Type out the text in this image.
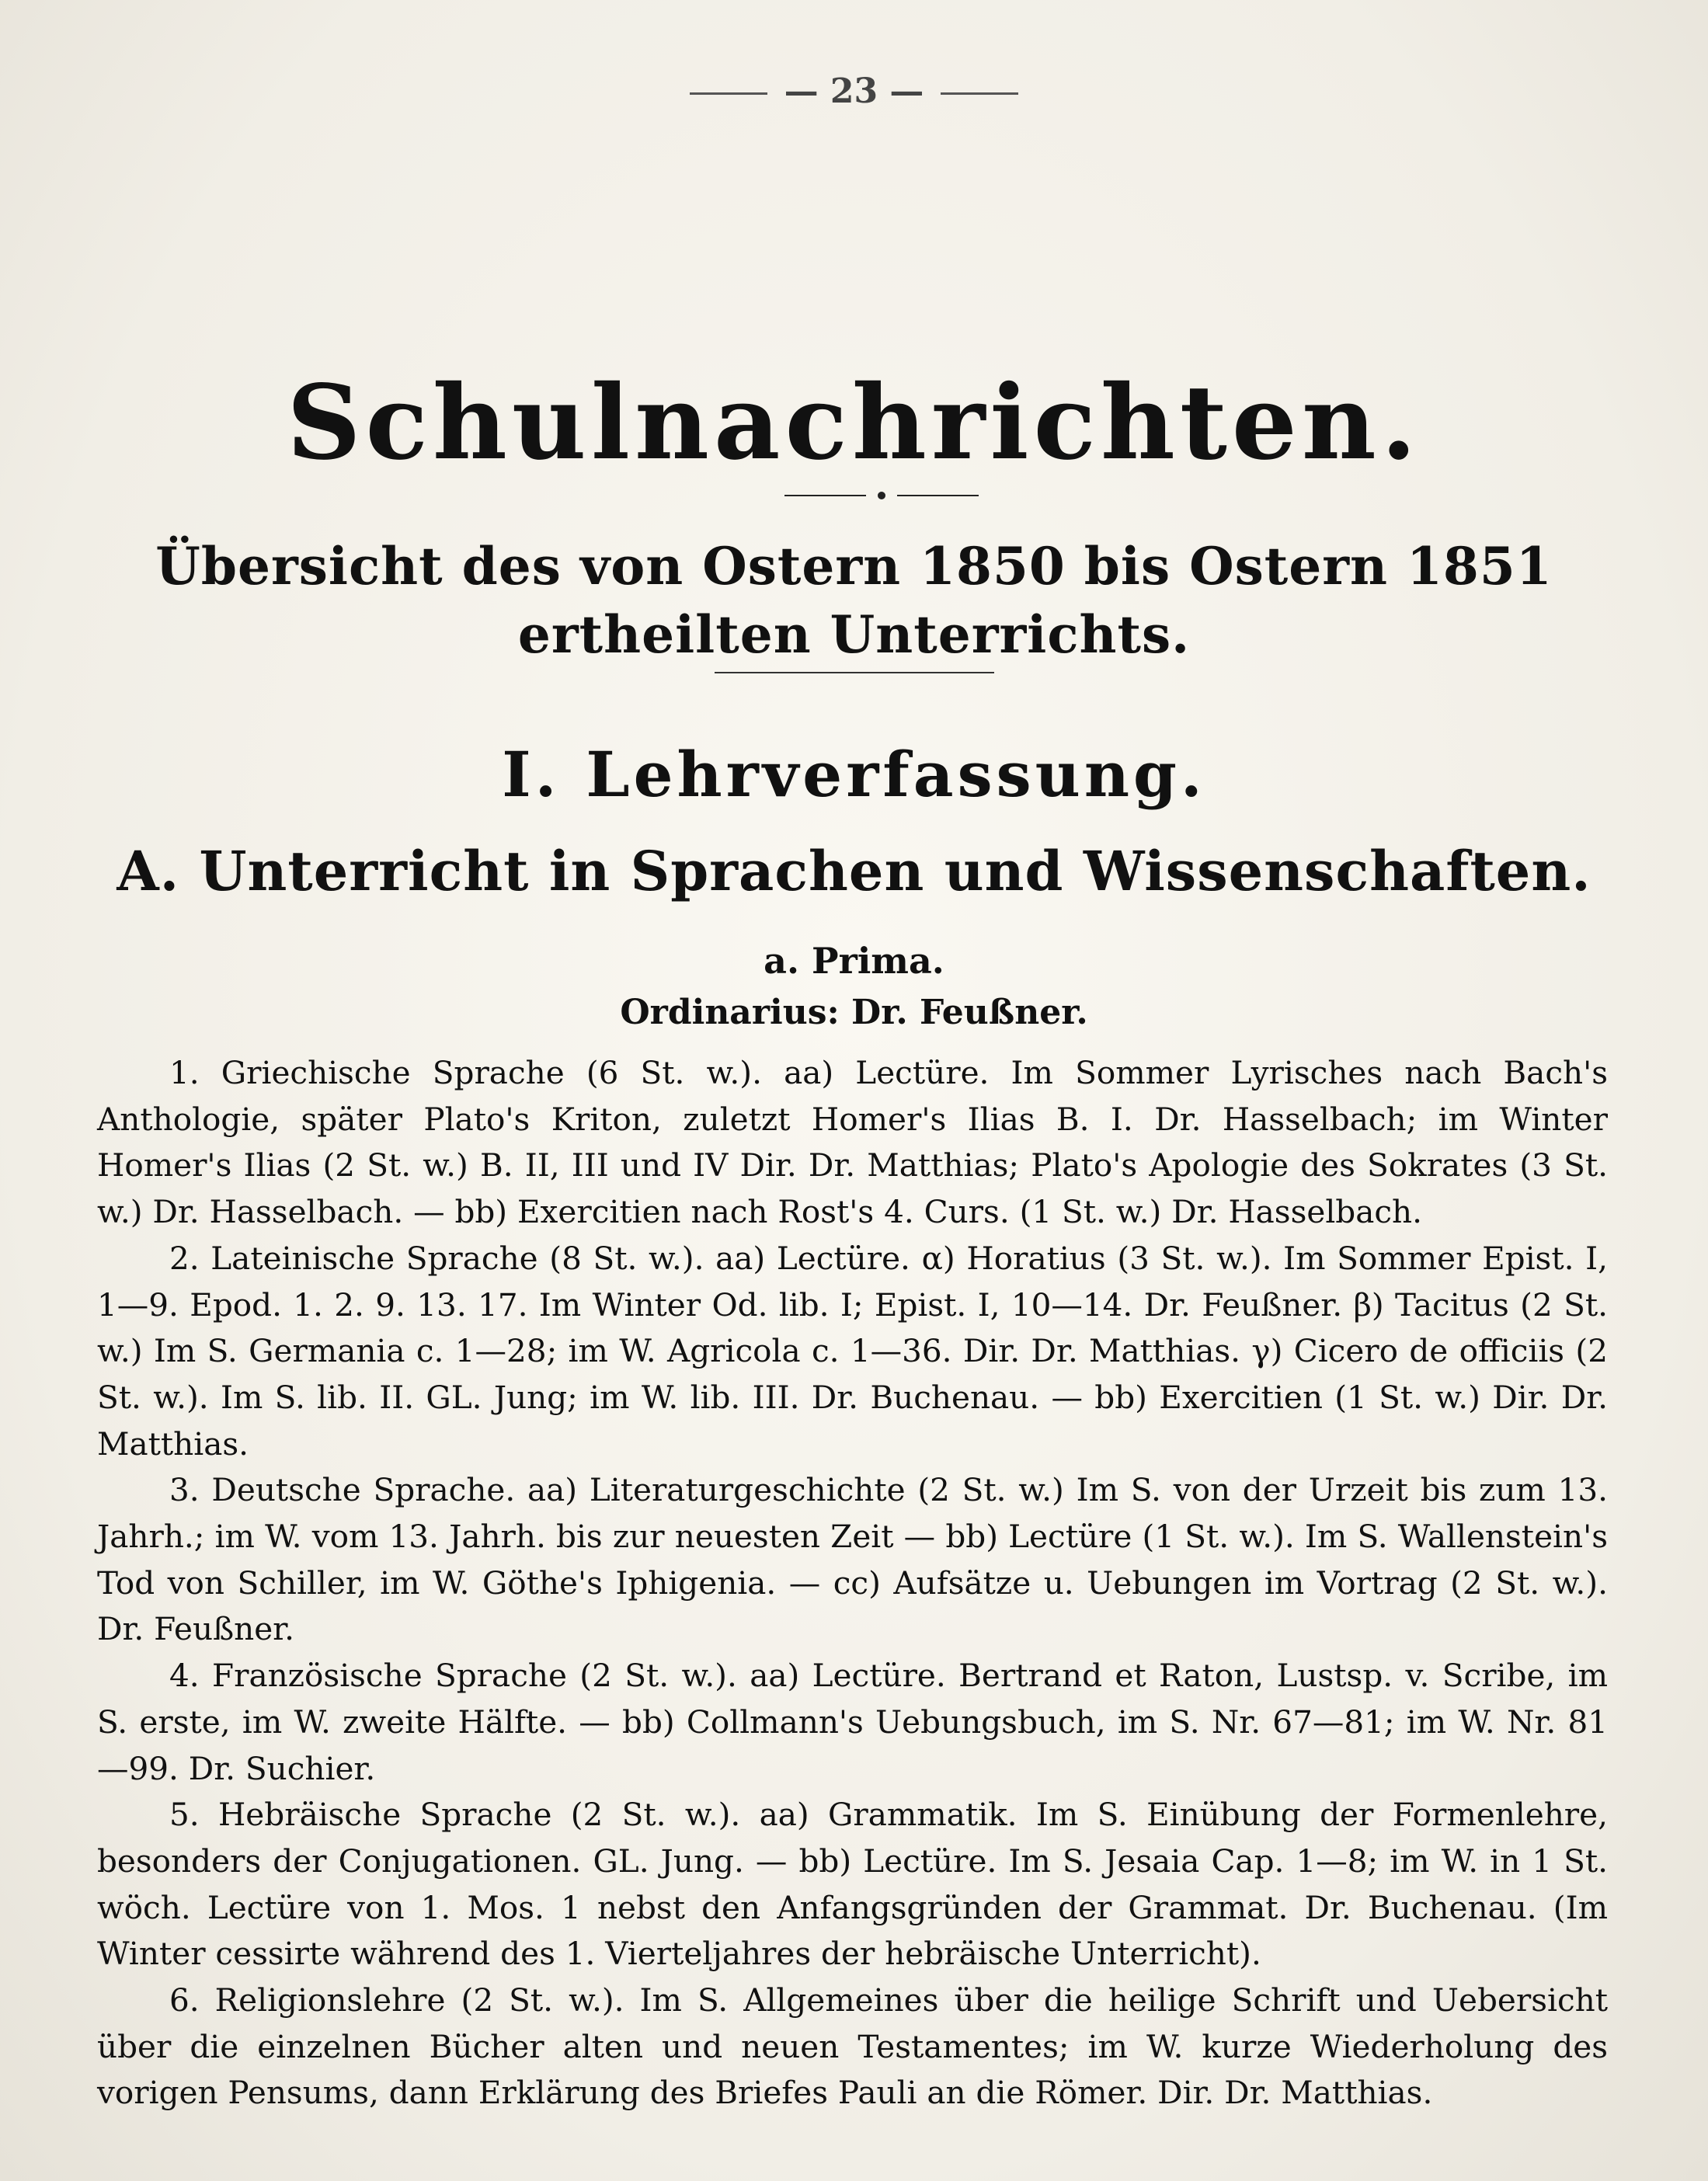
— 23 —
Schulnachrichten.
Übersicht des von Ostern 1850 bis Ostern 1851
ertheilten Unterrichts.
I. Lehrverfassung.
A. Unterricht in Sprachen und Wissenschaften.
a. Prima.
Ordinarius: Dr. Feußner.

1. Griechische Sprache (6 St. w.). aa) Lectüre. Im Sommer Lyrisches nach Bach's Anthologie, später Plato's Kriton, zuletzt Homer's Ilias B. I. Dr. Hasselbach; im Winter Homer's Ilias (2 St. w.) B. II, III und IV Dir. Dr. Matthias; Plato's Apologie des Sokrates (3 St. w.) Dr. Hasselbach. — bb) Exercitien nach Rost's 4. Curs. (1 St. w.) Dr. Hasselbach.

2. Lateinische Sprache (8 St. w.). aa) Lectüre. α) Horatius (3 St. w.). Im Sommer Epist. I, 1—9. Epod. 1. 2. 9. 13. 17. Im Winter Od. lib. I; Epist. I, 10—14. Dr. Feußner. β) Tacitus (2 St. w.) Im S. Germania c. 1—28; im W. Agricola c. 1—36. Dir. Dr. Matthias. γ) Cicero de officiis (2 St. w.). Im S. lib. II. GL. Jung; im W. lib. III. Dr. Buchenau. — bb) Exercitien (1 St. w.) Dir. Dr. Matthias.

3. Deutsche Sprache. aa) Literaturgeschichte (2 St. w.) Im S. von der Urzeit bis zum 13. Jahrh.; im W. vom 13. Jahrh. bis zur neuesten Zeit — bb) Lectüre (1 St. w.). Im S. Wallenstein's Tod von Schiller, im W. Göthe's Iphigenia. — cc) Aufsätze u. Uebungen im Vortrag (2 St. w.). Dr. Feußner.

4. Französische Sprache (2 St. w.). aa) Lectüre. Bertrand et Raton, Lustsp. v. Scribe, im S. erste, im W. zweite Hälfte. — bb) Collmann's Uebungsbuch, im S. Nr. 67—81; im W. Nr. 81—99. Dr. Suchier.

5. Hebräische Sprache (2 St. w.). aa) Grammatik. Im S. Einübung der Formenlehre, besonders der Conjugationen. GL. Jung. — bb) Lectüre. Im S. Jesaia Cap. 1—8; im W. in 1 St. wöch. Lectüre von 1. Mos. 1 nebst den Anfangsgründen der Grammat. Dr. Buchenau. (Im Winter cessirte während des 1. Vierteljahres der hebräische Unterricht).

6. Religionslehre (2 St. w.). Im S. Allgemeines über die heilige Schrift und Uebersicht über die einzelnen Bücher alten und neuen Testamentes; im W. kurze Wiederholung des vorigen Pensums, dann Erklärung des Briefes Pauli an die Römer. Dir. Dr. Matthias.
